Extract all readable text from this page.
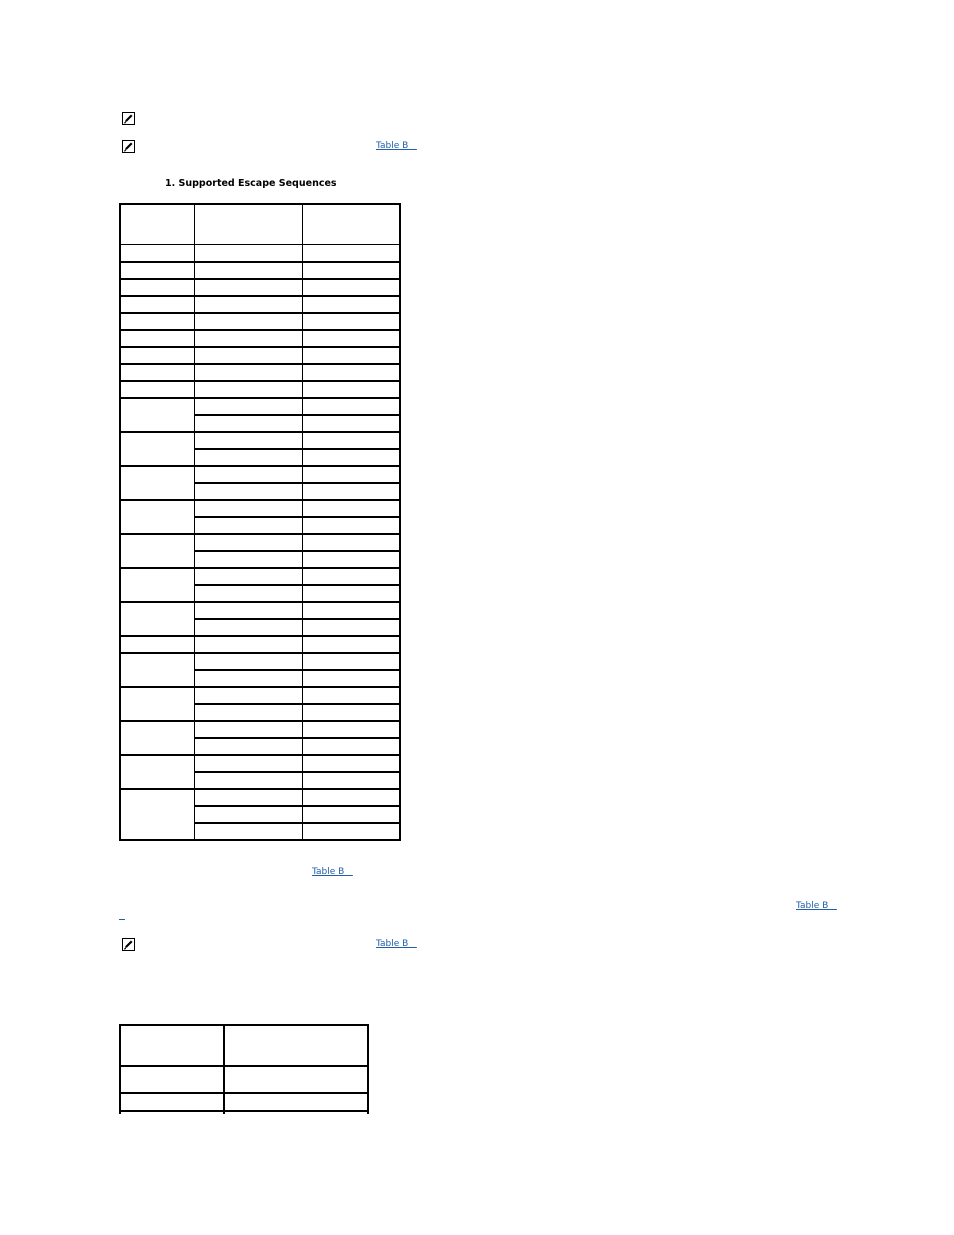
Table B
1. Supported Escape Sequences
Table B
Table B
Table B
